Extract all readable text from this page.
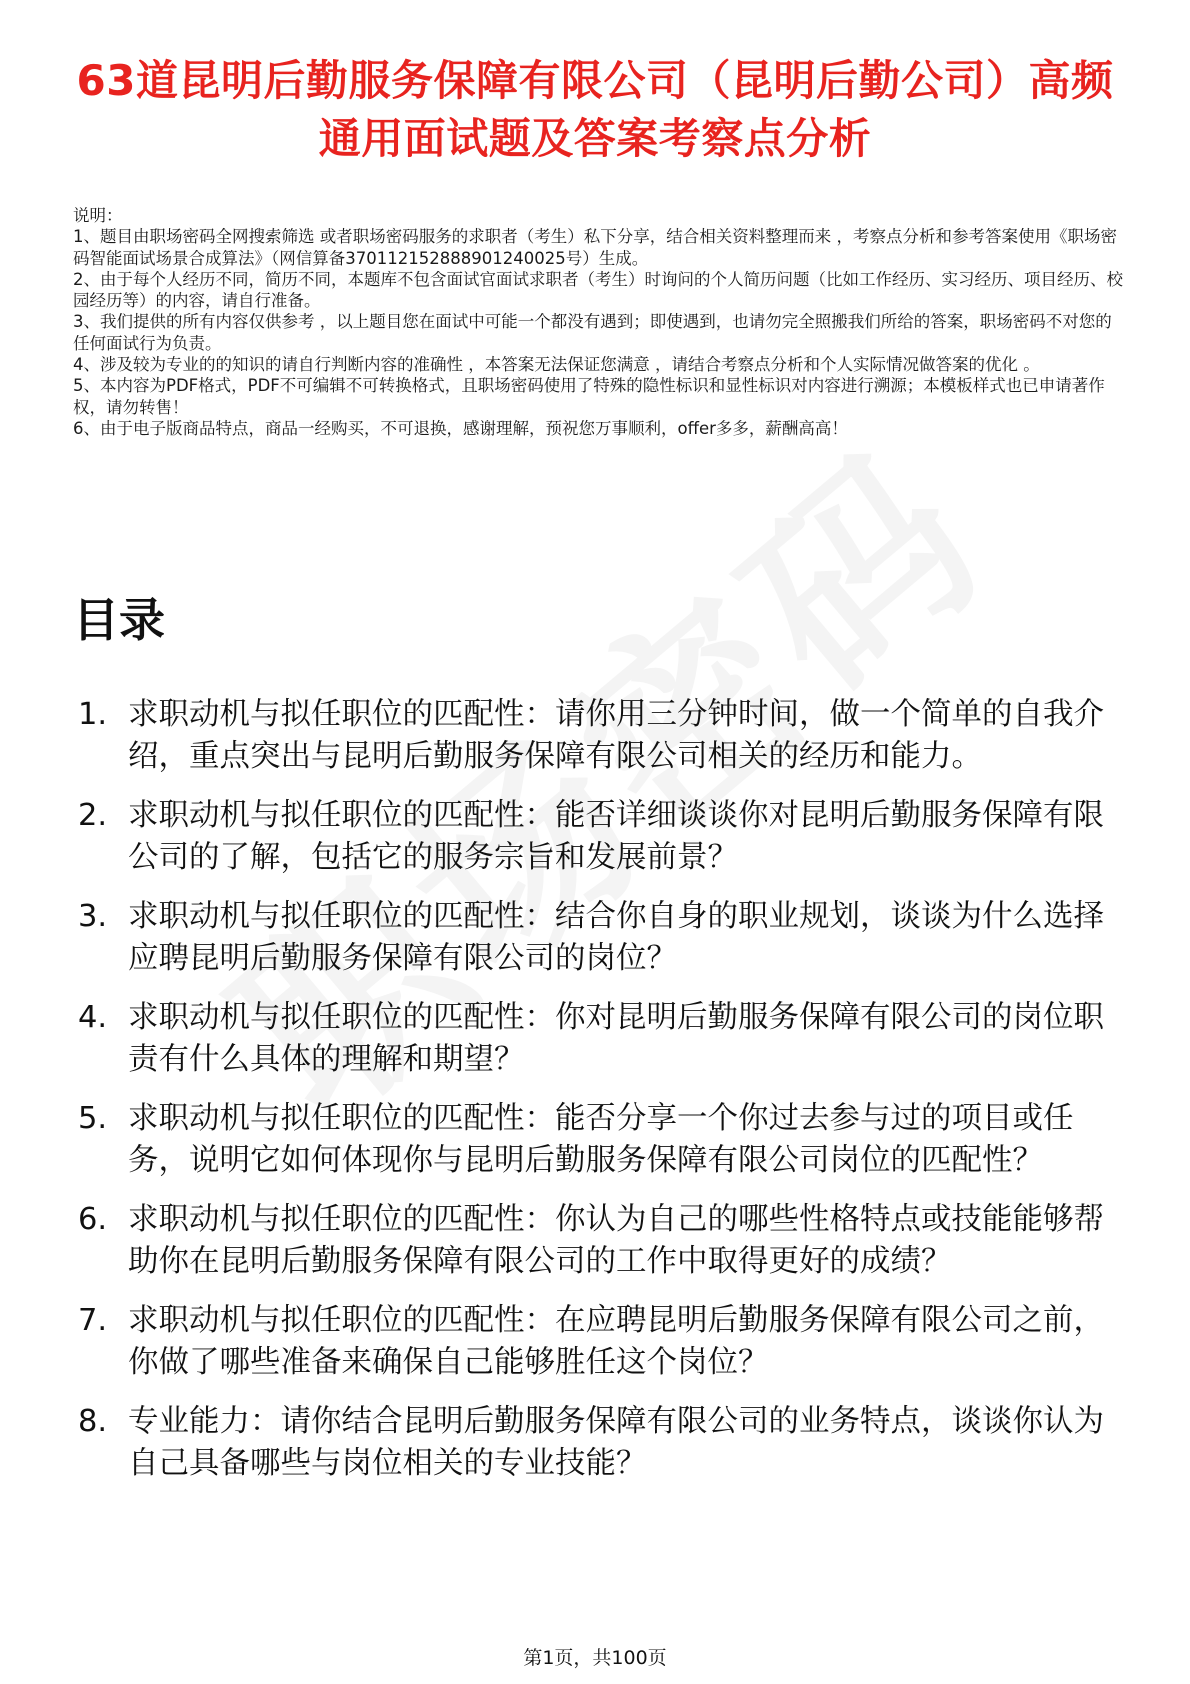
63道昆明后勤服务保障有限公司（昆明后勤公司）高频通用面试题及答案考察点分析

说明：

1、题目由职场密码全网搜索筛选 或者职场密码服务的求职者（考生）私下分享，结合相关资料整理而来 ，考察点分析和参考答案使用《职场密码智能面试场景合成算法》（网信算备370112152888901240025号）生成。

2、由于每个人经历不同，简历不同，本题库不包含面试官面试求职者（考生）时询问的个人简历问题（比如工作经历、实习经历、项目经历、校园经历等）的内容，请自行准备。

3、我们提供的所有内容仅供参考 ，以上题目您在面试中可能一个都没有遇到；即使遇到，也请勿完全照搬我们所给的答案，职场密码不对您的任何面试行为负责。

4、涉及较为专业的的知识的请自行判断内容的准确性 ，本答案无法保证您满意 ，请结合考察点分析和个人实际情况做答案的优化 。

5、本内容为PDF格式，PDF不可编辑不可转换格式，且职场密码使用了特殊的隐性标识和显性标识对内容进行溯源；本模板样式也已申请著作权，请勿转售！

6、由于电子版商品特点，商品一经购买，不可退换，感谢理解，预祝您万事顺利，offer多多，薪酬高高！

目录
1. 求职动机与拟任职位的匹配性：请你用三分钟时间，做一个简单的自我介绍，重点突出与昆明后勤服务保障有限公司相关的经历和能力。
2. 求职动机与拟任职位的匹配性：能否详细谈谈你对昆明后勤服务保障有限公司的了解，包括它的服务宗旨和发展前景？
3. 求职动机与拟任职位的匹配性：结合你自身的职业规划，谈谈为什么选择应聘昆明后勤服务保障有限公司的岗位？
4. 求职动机与拟任职位的匹配性：你对昆明后勤服务保障有限公司的岗位职责有什么具体的理解和期望？
5. 求职动机与拟任职位的匹配性：能否分享一个你过去参与过的项目或任务，说明它如何体现你与昆明后勤服务保障有限公司岗位的匹配性？
6. 求职动机与拟任职位的匹配性：你认为自己的哪些性格特点或技能能够帮助你在昆明后勤服务保障有限公司的工作中取得更好的成绩？
7. 求职动机与拟任职位的匹配性：在应聘昆明后勤服务保障有限公司之前，你做了哪些准备来确保自己能够胜任这个岗位？
8. 专业能力：请你结合昆明后勤服务保障有限公司的业务特点，谈谈你认为自己具备哪些与岗位相关的专业技能？
第1页，共100页
